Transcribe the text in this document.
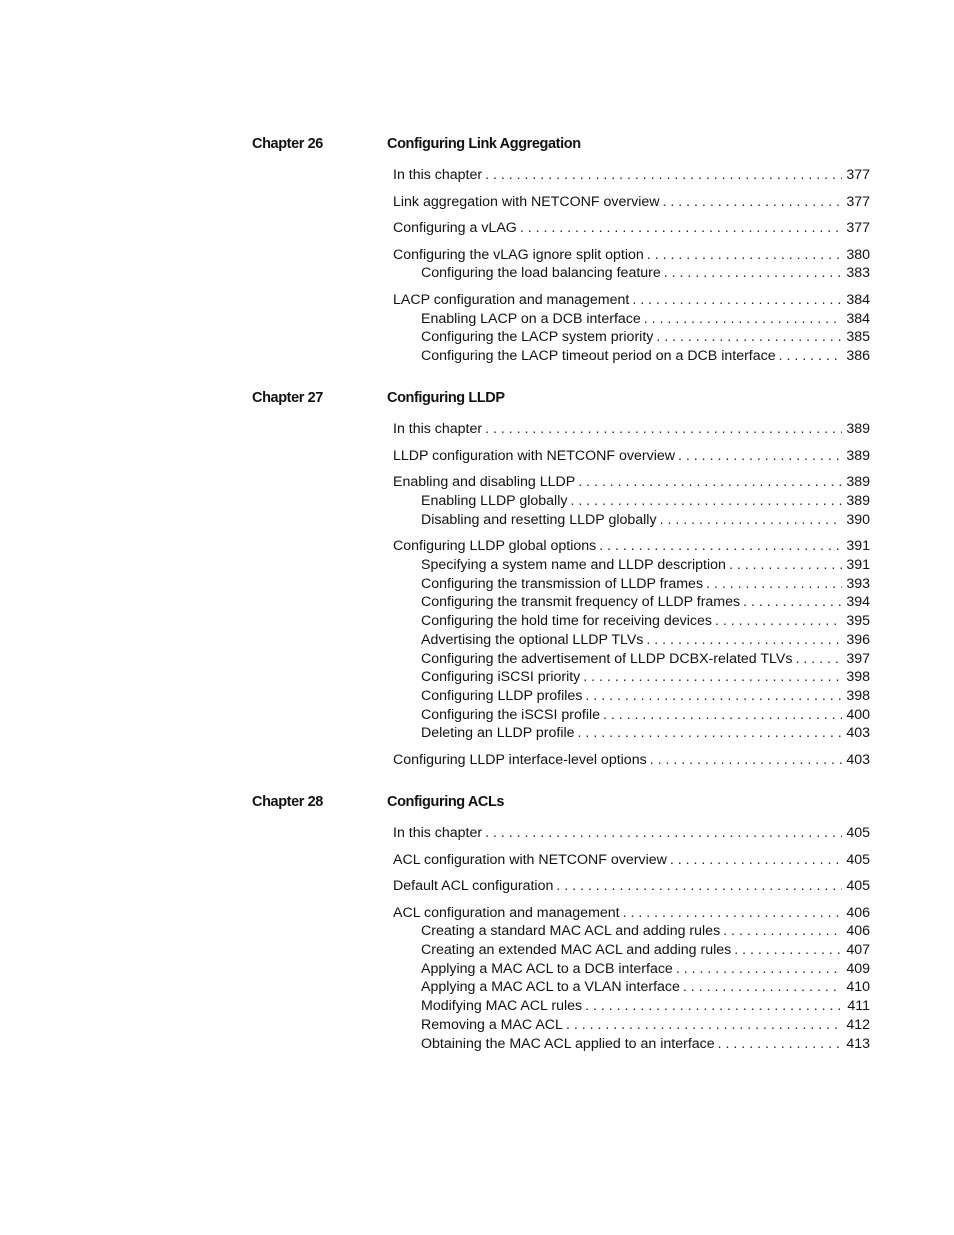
Chapter 26	Configuring Link Aggregation
In this chapter . . .	377
Link aggregation with NETCONF overview . . .	377
Configuring a vLAG . . .	377
Configuring the vLAG ignore split option . . .	380
Configuring the load balancing feature . . .	383
LACP configuration and management . . .	384
Enabling LACP on a DCB interface . . .	384
Configuring the LACP system priority . . .	385
Configuring the LACP timeout period on a DCB interface . . .	386
Chapter 27	Configuring LLDP
In this chapter . . .	389
LLDP configuration with NETCONF overview . . .	389
Enabling and disabling LLDP . . .	389
Enabling LLDP globally . . .	389
Disabling and resetting LLDP globally . . .	390
Configuring LLDP global options . . .	391
Specifying a system name and LLDP description . . .	391
Configuring the transmission of LLDP frames . . .	393
Configuring the transmit frequency of LLDP frames . . .	394
Configuring the hold time for receiving devices . . .	395
Advertising the optional LLDP TLVs . . .	396
Configuring the advertisement of LLDP DCBX-related TLVs . . .	397
Configuring iSCSI priority . . .	398
Configuring LLDP profiles . . .	398
Configuring the iSCSI profile . . .	400
Deleting an LLDP profile . . .	403
Configuring LLDP interface-level options . . .	403
Chapter 28	Configuring ACLs
In this chapter . . .	405
ACL configuration with NETCONF overview . . .	405
Default ACL configuration . . .	405
ACL configuration and management . . .	406
Creating a standard MAC ACL and adding rules . . .	406
Creating an extended MAC ACL and adding rules . . .	407
Applying a MAC ACL to a DCB interface . . .	409
Applying a MAC ACL to a VLAN interface . . .	410
Modifying MAC ACL rules . . .	411
Removing a MAC ACL . . .	412
Obtaining the MAC ACL applied to an interface . . .	413
